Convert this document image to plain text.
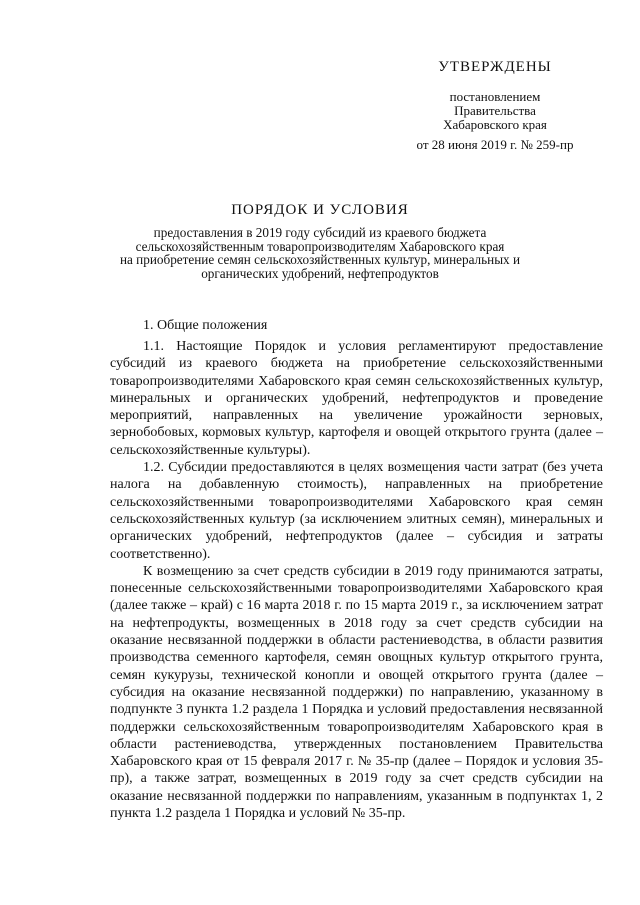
УТВЕРЖДЕНЫ
постановлением
Правительства
Хабаровского края
от 28 июня 2019 г. № 259-пр
ПОРЯДОК И УСЛОВИЯ
предоставления в 2019 году субсидий из краевого бюджета
сельскохозяйственным товаропроизводителям Хабаровского края
на приобретение семян сельскохозяйственных культур, минеральных и
органических удобрений, нефтепродуктов
1. Общие положения

1.1. Настоящие Порядок и условия регламентируют предоставление субсидий из краевого бюджета на приобретение сельскохозяйственными товаропроизводителями Хабаровского края семян сельскохозяйственных культур, минеральных и органических удобрений, нефтепродуктов и проведение мероприятий, направленных на увеличение урожайности зерновых, зернобобовых, кормовых культур, картофеля и овощей открытого грунта (далее – сельскохозяйственные культуры).

1.2. Субсидии предоставляются в целях возмещения части затрат (без учета налога на добавленную стоимость), направленных на приобретение сельскохозяйственными товаропроизводителями Хабаровского края семян сельскохозяйственных культур (за исключением элитных семян), минеральных и органических удобрений, нефтепродуктов (далее – субсидия и затраты соответственно).

К возмещению за счет средств субсидии в 2019 году принимаются затраты, понесенные сельскохозяйственными товаропроизводителями Хабаровского края (далее также – край) с 16 марта 2018 г. по 15 марта 2019 г., за исключением затрат на нефтепродукты, возмещенных в 2018 году за счет средств субсидии на оказание несвязанной поддержки в области растениеводства, в области развития производства семенного картофеля, семян овощных культур открытого грунта, семян кукурузы, технической конопли и овощей открытого грунта (далее – субсидия на оказание несвязанной поддержки) по направлению, указанному в подпункте 3 пункта 1.2 раздела 1 Порядка и условий предоставления несвязанной поддержки сельскохозяйственным товаропроизводителям Хабаровского края в области растениеводства, утвержденных постановлением Правительства Хабаровского края от 15 февраля 2017 г. № 35-пр (далее – Порядок и условия 35-пр), а также затрат, возмещенных в 2019 году за счет средств субсидии на оказание несвязанной поддержки по направлениям, указанным в подпунктах 1, 2 пункта 1.2 раздела 1 Порядка и условий № 35-пр.
